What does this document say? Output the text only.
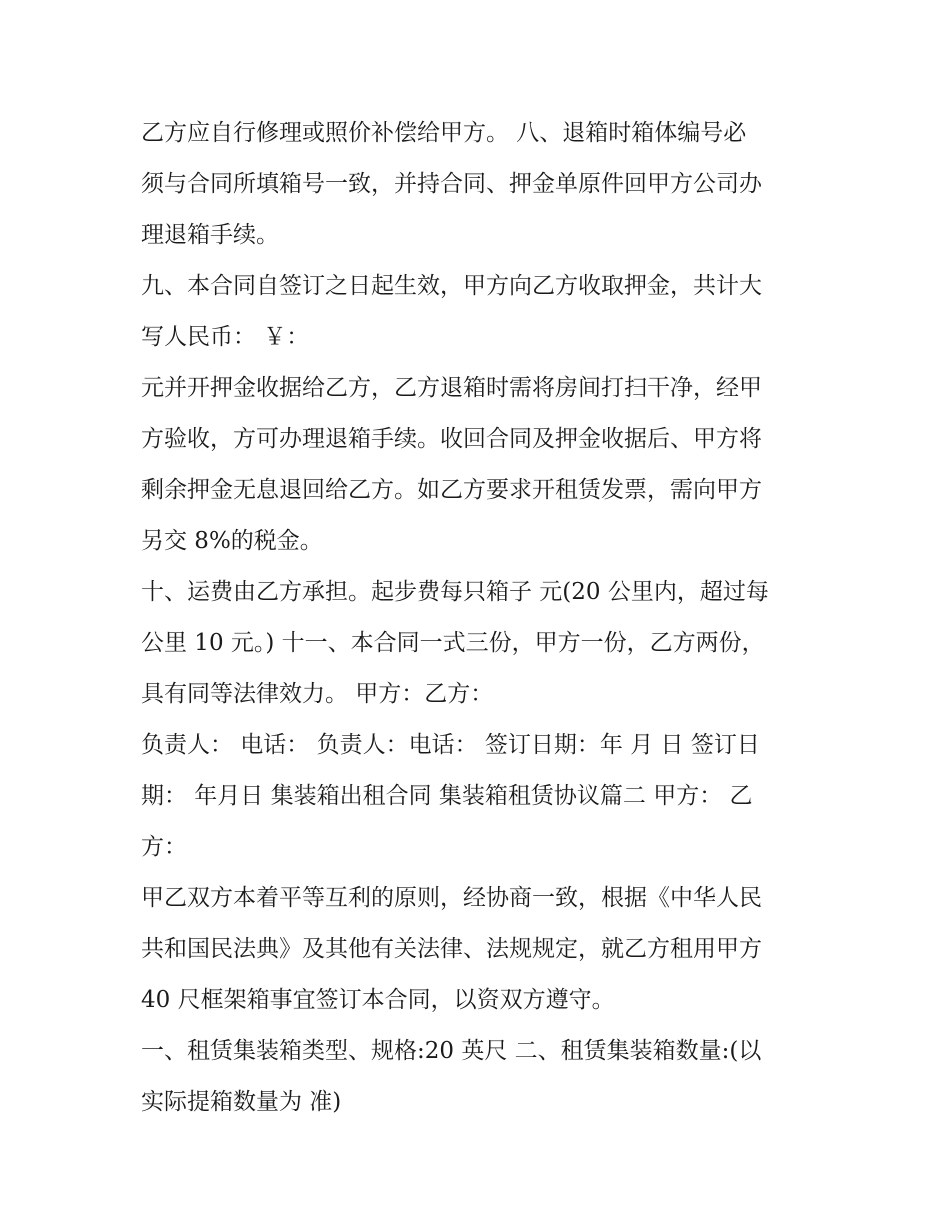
乙方应自行修理或照价补偿给甲方。 八、退箱时箱体编号必
须与合同所填箱号一致，并持合同、押金单原件回甲方公司办
理退箱手续。
九、本合同自签订之日起生效，甲方向乙方收取押金，共计大
写人民币： ￥：
元并开押金收据给乙方，乙方退箱时需将房间打扫干净，经甲
方验收，方可办理退箱手续。收回合同及押金收据后、甲方将
剩余押金无息退回给乙方。如乙方要求开租赁发票，需向甲方
另交 8%的税金。
十、运费由乙方承担。起步费每只箱子 元(20 公里内，超过每
公里 10 元。) 十一、本合同一式三份，甲方一份，乙方两份，
具有同等法律效力。 甲方：乙方：
负责人： 电话： 负责人：电话： 签订日期：年 月 日 签订日
期： 年月日 集装箱出租合同 集装箱租赁协议篇二 甲方： 乙
方：
甲乙双方本着平等互利的原则，经协商一致，根据《中华人民
共和国民法典》及其他有关法律、法规规定，就乙方租用甲方
40 尺框架箱事宜签订本合同，以资双方遵守。
一、租赁集装箱类型、规格:20 英尺 二、租赁集装箱数量:(以
实际提箱数量为 准)
